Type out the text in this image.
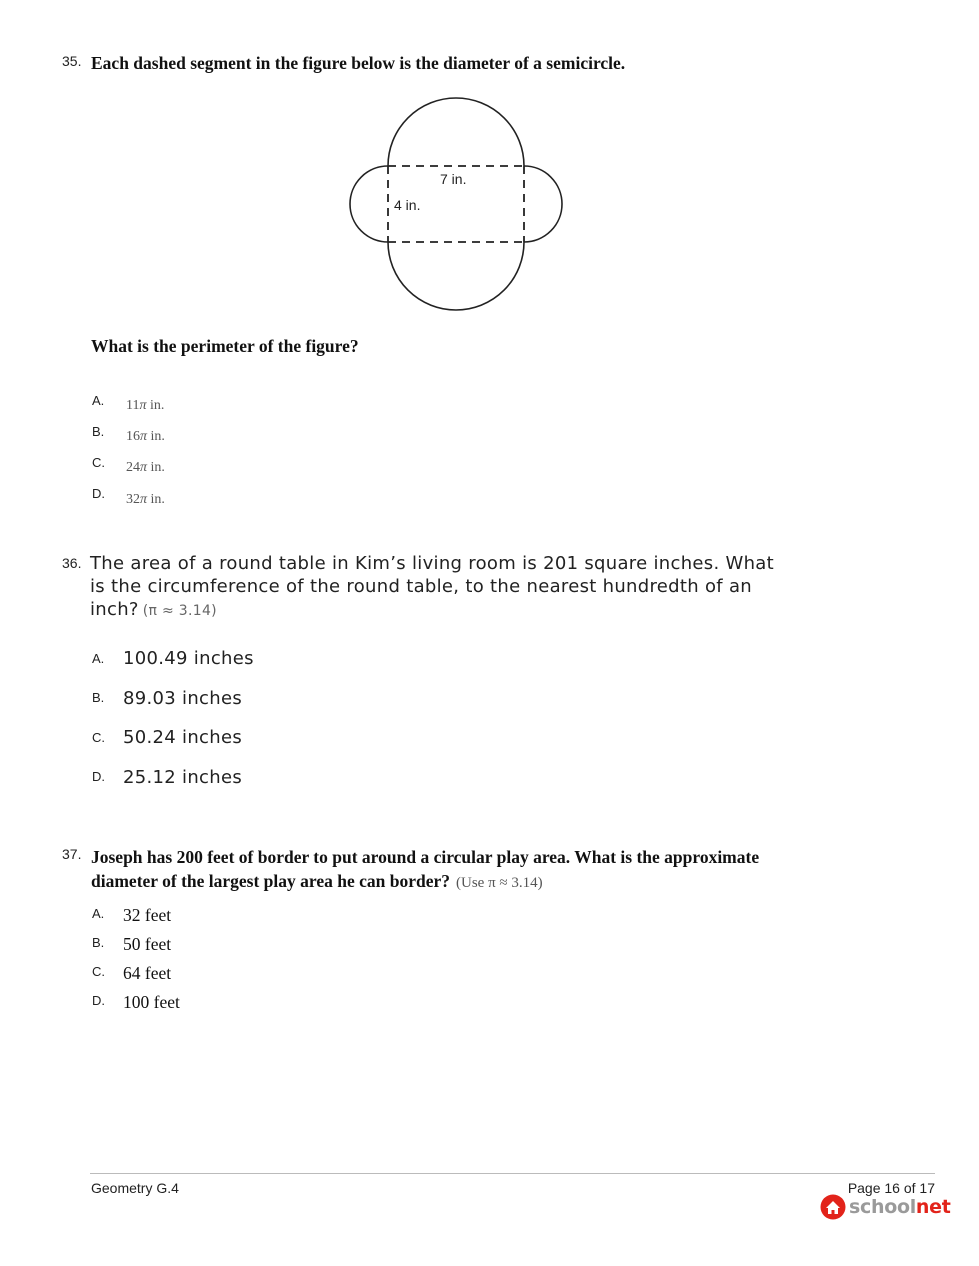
35. Each dashed segment in the figure below is the diameter of a semicircle.
7 in.
4 in.
What is the perimeter of the figure?
A. 11π in.
B. 16π in.
C. 24π in.
D. 32π in.
36. The area of a round table in Kim’s living room is 201 square inches. What
is the circumference of the round table, to the nearest hundredth of an
inch? (π ≈ 3.14)
A. 100.49 inches
B. 89.03 inches
C. 50.24 inches
D. 25.12 inches
37. Joseph has 200 feet of border to put around a circular play area. What is the approximate
diameter of the largest play area he can border? (Use π ≈ 3.14)
A. 32 feet
B. 50 feet
C. 64 feet
D. 100 feet
Geometry G.4	Page 16 of 17
schoolnet
